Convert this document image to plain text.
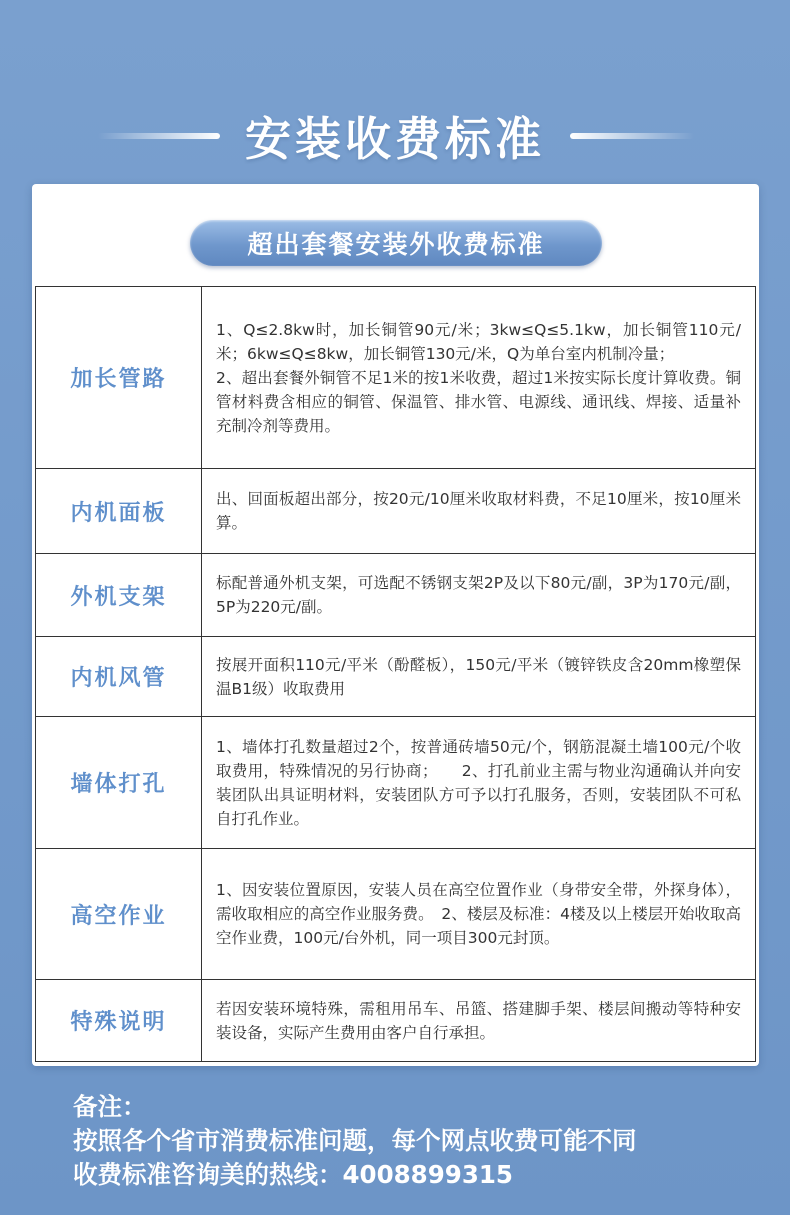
安装收费标准
超出套餐安装外收费标准
加长管路	1、Q≤2.8kw时，加长铜管90元/米；3kw≤Q≤5.1kw，加长铜管110元/米；6kw≤Q≤8kw，加长铜管130元/米，Q为单台室内机制冷量；
2、超出套餐外铜管不足1米的按1米收费，超过1米按实际长度计算收费。铜管材料费含相应的铜管、保温管、排水管、电源线、通讯线、焊接、适量补充制冷剂等费用。

内机面板	出、回面板超出部分，按20元/10厘米收取材料费，不足10厘米，按10厘米算。

外机支架	标配普通外机支架，可选配不锈钢支架2P及以下80元/副，3P为170元/副，5P为220元/副。

内机风管	按展开面积110元/平米（酚醛板），150元/平米（镀锌铁皮含20mm橡塑保温B1级）收取费用

墙体打孔	1、墙体打孔数量超过2个，按普通砖墙50元/个，钢筋混凝土墙100元/个收取费用，特殊情况的另行协商；　　2、打孔前业主需与物业沟通确认并向安装团队出具证明材料，安装团队方可予以打孔服务，否则，安装团队不可私自打孔作业。

高空作业	1、因安装位置原因，安装人员在高空位置作业（身带安全带，外探身体），需收取相应的高空作业服务费。　2、楼层及标准：4楼及以上楼层开始收取高空作业费，100元/台外机，同一项目300元封顶。

特殊说明	若因安装环境特殊，需租用吊车、吊篮、搭建脚手架、楼层间搬动等特种安装设备，实际产生费用由客户自行承担。
备注：
按照各个省市消费标准问题，每个网点收费可能不同
收费标准咨询美的热线：4008899315
